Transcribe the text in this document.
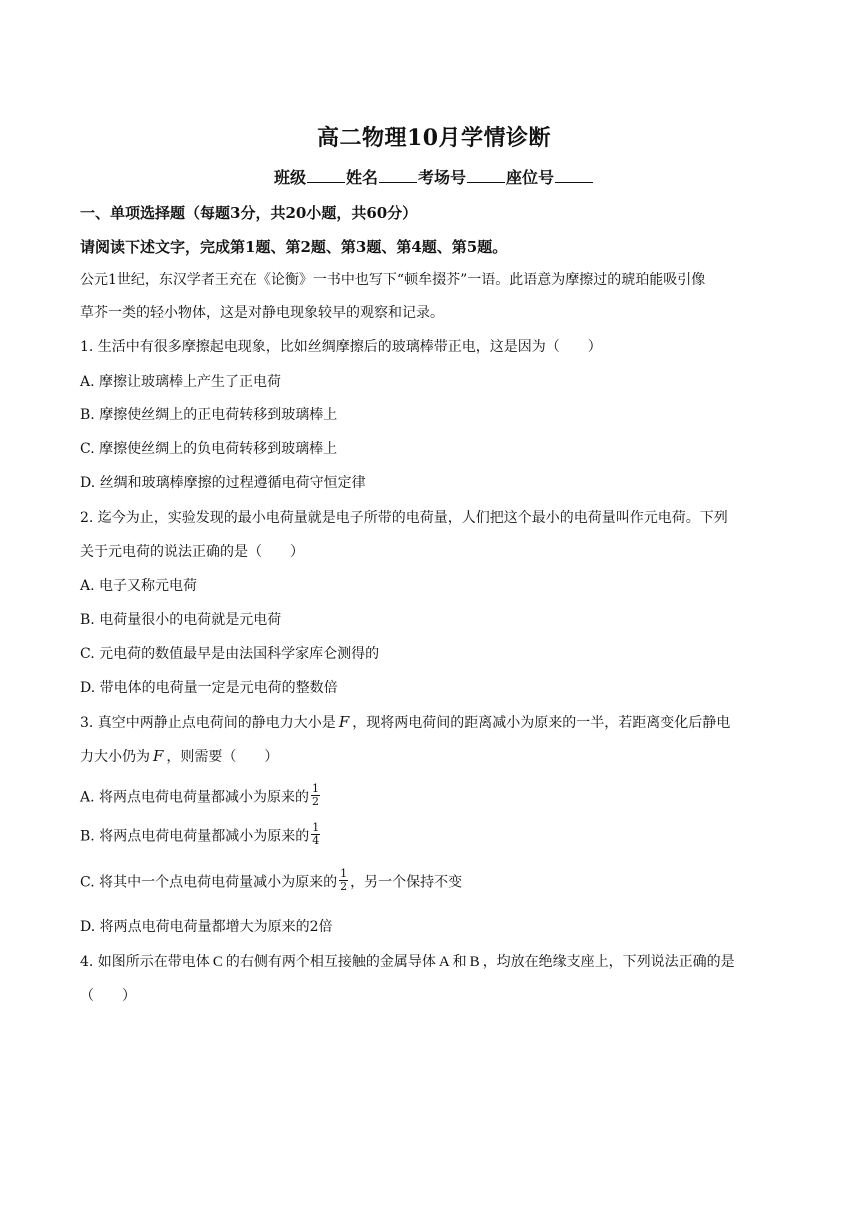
高二物理10月学情诊断
班级	姓名	考场号	座位号
一、单项选择题（每题3分，共20小题，共60分）
请阅读下述文字，完成第1题、第2题、第3题、第4题、第5题。
公元1世纪，东汉学者王充在《论衡》一书中也写下“顿牟掇芥”一语。此语意为摩擦过的琥珀能吸引像
草芥一类的轻小物体，这是对静电现象较早的观察和记录。
1. 生活中有很多摩擦起电现象，比如丝绸摩擦后的玻璃棒带正电，这是因为（　　）
A. 摩擦让玻璃棒上产生了正电荷
B. 摩擦使丝绸上的正电荷转移到玻璃棒上
C. 摩擦使丝绸上的负电荷转移到玻璃棒上
D. 丝绸和玻璃棒摩擦的过程遵循电荷守恒定律
2. 迄今为止，实验发现的最小电荷量就是电子所带的电荷量，人们把这个最小的电荷量叫作元电荷。下列
关于元电荷的说法正确的是（　　）
A. 电子又称元电荷
B. 电荷量很小的电荷就是元电荷
C. 元电荷的数值最早是由法国科学家库仑测得的
D. 带电体的电荷量一定是元电荷的整数倍
3. 真空中两静止点电荷间的静电力大小是 F ，现将两电荷间的距离减小为原来的一半，若距离变化后静电
力大小仍为 F ，则需要（　　）
A. 将两点电荷电荷量都减小为原来的 $\frac{1}{2}$
B. 将两点电荷电荷量都减小为原来的 $\frac{1}{4}$
C. 将其中一个点电荷电荷量减小为原来的 $\frac{1}{2}$ ，另一个保持不变
D. 将两点电荷电荷量都增大为原来的2倍
4. 如图所示在带电体 C 的右侧有两个相互接触的金属导体 A 和 B ，均放在绝缘支座上，下列说法正确的是
（　　）
